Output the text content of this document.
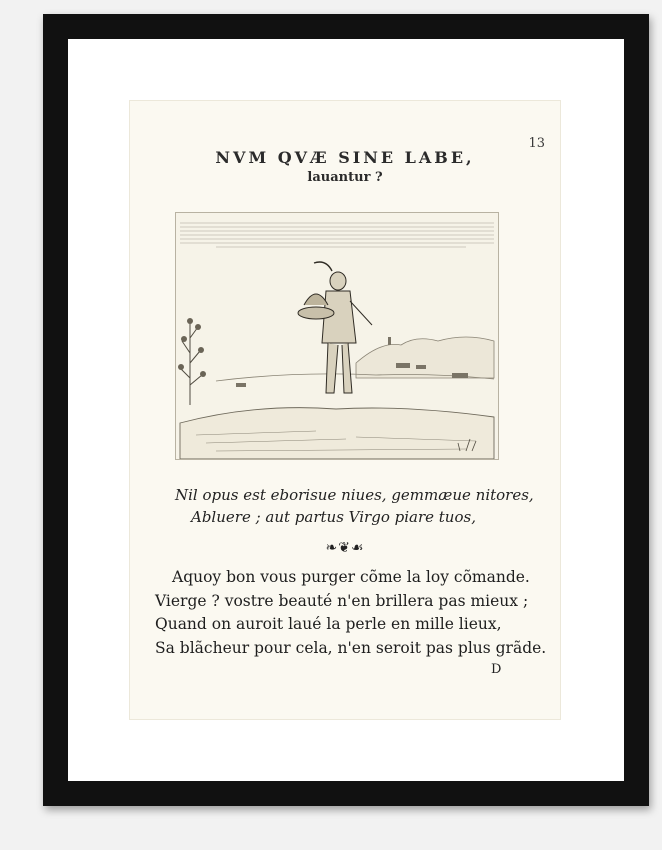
13
NVM QVÆ SINE LABE,
lauantur ?
Nil opus est eborisue niues, gemmæue nitores,
Abluere ; aut partus Virgo piare tuos,
❧❦☙
Aquoy bon vous purger cõme la loy cõmande.
Vierge ? vostre beauté n'en brillera pas mieux ;
Quand on auroit laué la perle en mille lieux,
Sa blãcheur pour cela, n'en seroit pas plus grãde.
D
